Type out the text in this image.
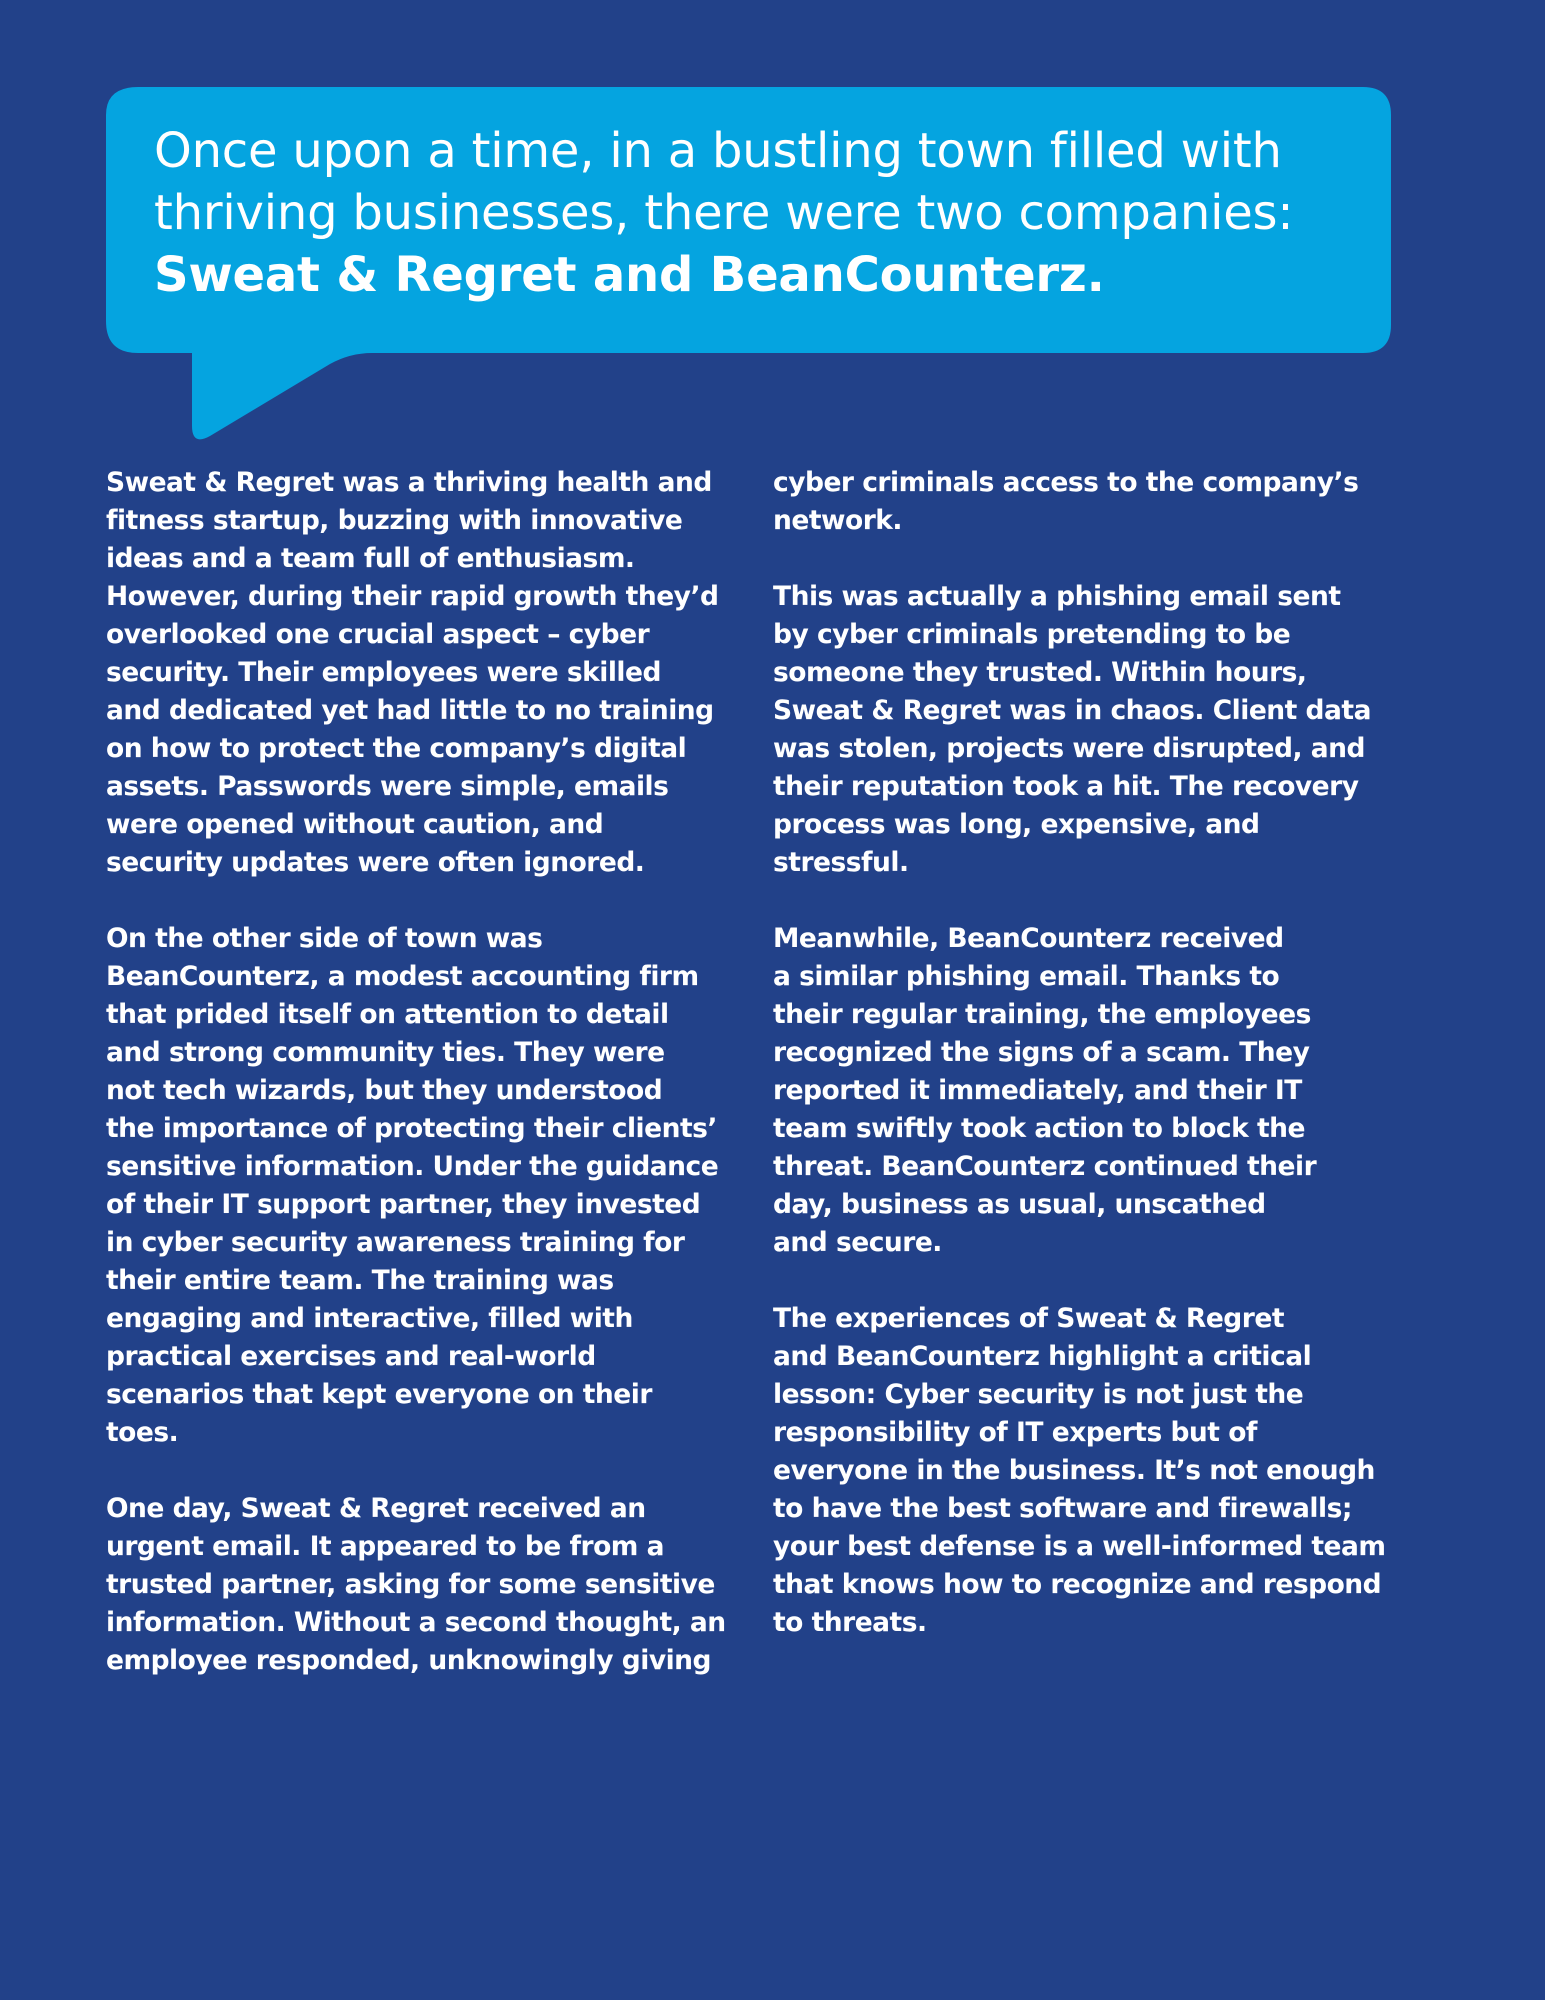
Once upon a time, in a bustling town filled with
thriving businesses, there were two companies:
Sweat & Regret and BeanCounterz.
Sweat & Regret was a thriving health and
fitness startup, buzzing with innovative
ideas and a team full of enthusiasm.
However, during their rapid growth they’d
overlooked one crucial aspect – cyber
security. Their employees were skilled
and dedicated yet had little to no training
on how to protect the company’s digital
assets. Passwords were simple, emails
were opened without caution, and
security updates were often ignored.
On the other side of town was
BeanCounterz, a modest accounting firm
that prided itself on attention to detail
and strong community ties. They were
not tech wizards, but they understood
the importance of protecting their clients’
sensitive information. Under the guidance
of their IT support partner, they invested
in cyber security awareness training for
their entire team. The training was
engaging and interactive, filled with
practical exercises and real-world
scenarios that kept everyone on their
toes.
One day, Sweat & Regret received an
urgent email. It appeared to be from a
trusted partner, asking for some sensitive
information. Without a second thought, an
employee responded, unknowingly giving
cyber criminals access to the company’s
network.
This was actually a phishing email sent
by cyber criminals pretending to be
someone they trusted. Within hours,
Sweat & Regret was in chaos. Client data
was stolen, projects were disrupted, and
their reputation took a hit. The recovery
process was long, expensive, and
stressful.
Meanwhile, BeanCounterz received
a similar phishing email. Thanks to
their regular training, the employees
recognized the signs of a scam. They
reported it immediately, and their IT
team swiftly took action to block the
threat. BeanCounterz continued their
day, business as usual, unscathed
and secure.
The experiences of Sweat & Regret
and BeanCounterz highlight a critical
lesson: Cyber security is not just the
responsibility of IT experts but of
everyone in the business. It’s not enough
to have the best software and firewalls;
your best defense is a well-informed team
that knows how to recognize and respond
to threats.
